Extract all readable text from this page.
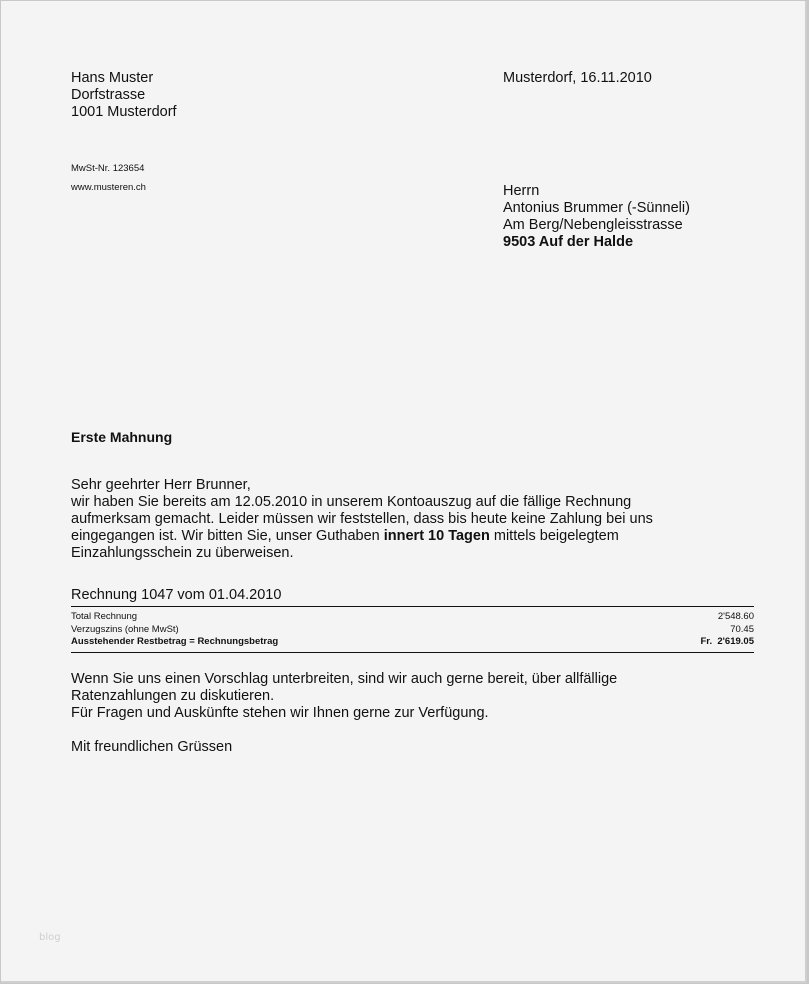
Hans Muster
Dorfstrasse
1001 Musterdorf
MwSt-Nr. 123654
www.musteren.ch
Musterdorf, 16.11.2010
Herrn
Antonius Brummer (-Sünneli)
Am Berg/Nebengleisstrasse
9503 Auf der Halde
Erste Mahnung
Sehr geehrter Herr Brunner,
wir haben Sie bereits am 12.05.2010 in unserem Kontoauszug auf die fällige Rechnung
aufmerksam gemacht. Leider müssen wir feststellen, dass bis heute keine Zahlung bei uns
eingegangen ist. Wir bitten Sie, unser Guthaben innert 10 Tagen mittels beigelegtem
Einzahlungsschein zu überweisen.
Rechnung 1047 vom 01.04.2010
Total Rechnung	2'548.60
Verzugszins (ohne MwSt)	70.45
Ausstehender Restbetrag = Rechnungsbetrag	Fr.  2'619.05
Wenn Sie uns einen Vorschlag unterbreiten, sind wir auch gerne bereit, über allfällige
Ratenzahlungen zu diskutieren.
Für Fragen und Auskünfte stehen wir Ihnen gerne zur Verfügung.
Mit freundlichen Grüssen
blog
